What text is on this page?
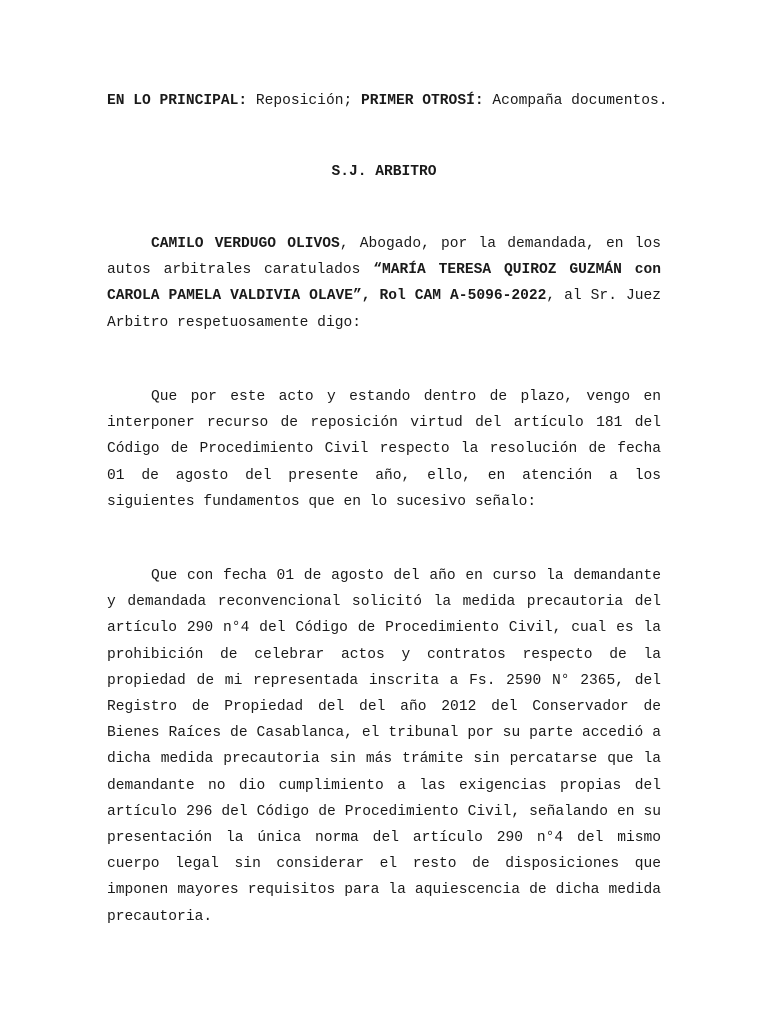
EN LO PRINCIPAL: Reposición; PRIMER OTROSÍ: Acompaña documentos.
S.J. ARBITRO

CAMILO VERDUGO OLIVOS, Abogado, por la demandada, en los autos arbitrales caratulados “MARÍA TERESA QUIROZ GUZMÁN con CAROLA PAMELA VALDIVIA OLAVE”, Rol CAM A-5096-2022, al Sr. Juez Arbitro respetuosamente digo:

Que por este acto y estando dentro de plazo, vengo en interponer recurso de reposición virtud del artículo 181 del Código de Procedimiento Civil respecto la resolución de fecha 01 de agosto del presente año, ello, en atención a los siguientes fundamentos que en lo sucesivo señalo:

Que con fecha 01 de agosto del año en curso la demandante y demandada reconvencional solicitó la medida precautoria del artículo 290 n°4 del Código de Procedimiento Civil, cual es la prohibición de celebrar actos y contratos respecto de la propiedad de mi representada inscrita a Fs. 2590 N° 2365, del Registro de Propiedad del del año 2012 del Conservador de Bienes Raíces de Casablanca, el tribunal por su parte accedió a dicha medida precautoria sin más trámite sin percatarse que la demandante no dio cumplimiento a las exigencias propias del artículo 296 del Código de Procedimiento Civil, señalando en su presentación la única norma del artículo 290 n°4 del mismo cuerpo legal sin considerar el resto de disposiciones que imponen mayores requisitos para la aquiescencia de dicha medida precautoria.
